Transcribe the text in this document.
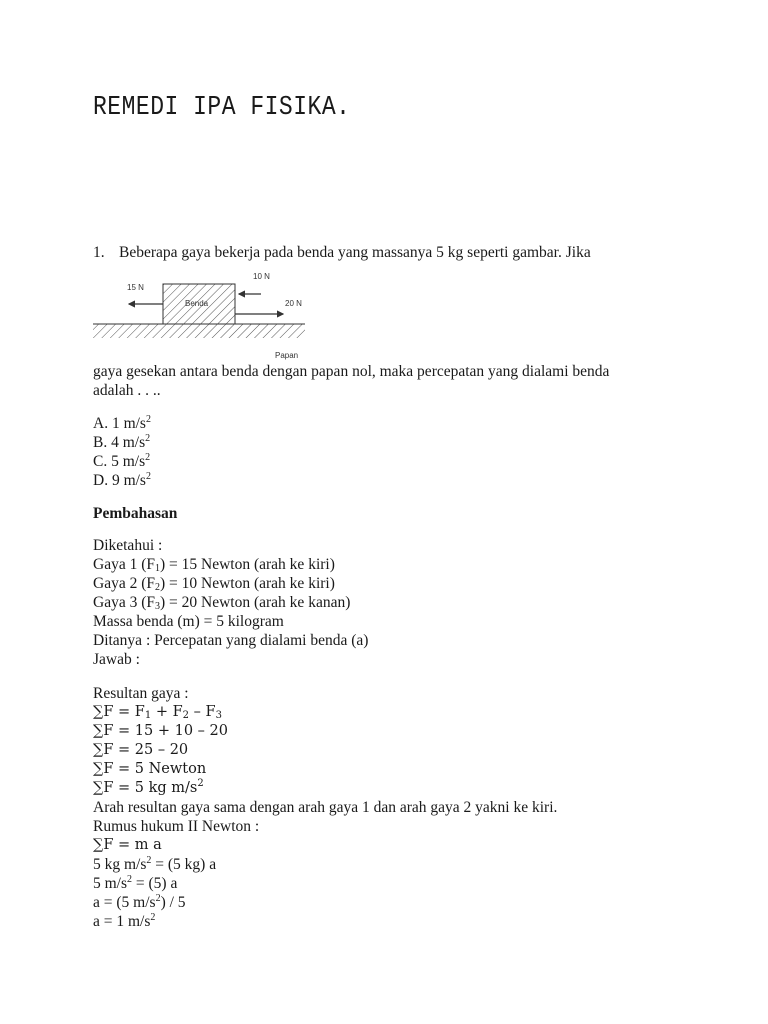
REMEDI IPA FISIKA.
1. Beberapa gaya bekerja pada benda yang massanya 5 kg seperti gambar. Jika
Benda
15 N
10 N
20 N
Papan
gaya gesekan antara benda dengan papan nol, maka percepatan yang dialami benda
adalah . . ..
A. 1 $m/s^2$
B. 4 $m/s^2$
C. 5 $m/s^2$
D. 9 $m/s^2$
Pembahasan
Diketahui :
Gaya 1 $(F_1) = 15$ Newton (arah ke kiri)
Gaya 2 $(F_2) = 10$ Newton (arah ke kiri)
Gaya 3 $(F_3) = 20$ Newton (arah ke kanan)
Massa benda (m) = 5 kilogram
Ditanya : Percepatan yang dialami benda (a)
Jawab :
Resultan gaya :
$\sum F = F_1 + F_2 - F_3$
∑F = 15 + 10 – 20
∑F = 25 – 20
∑F = 5 Newton
∑F = 5 kg $m/s^2$
Arah resultan gaya sama dengan arah gaya 1 dan arah gaya 2 yakni ke kiri.
Rumus hukum II Newton :
∑F = m a
5 kg $m/s^2 = (5$ kg) a
5 $m/s^2 = (5)$ a
a = (5 $m/s^2) / 5$
a = 1 $m/s^2$
